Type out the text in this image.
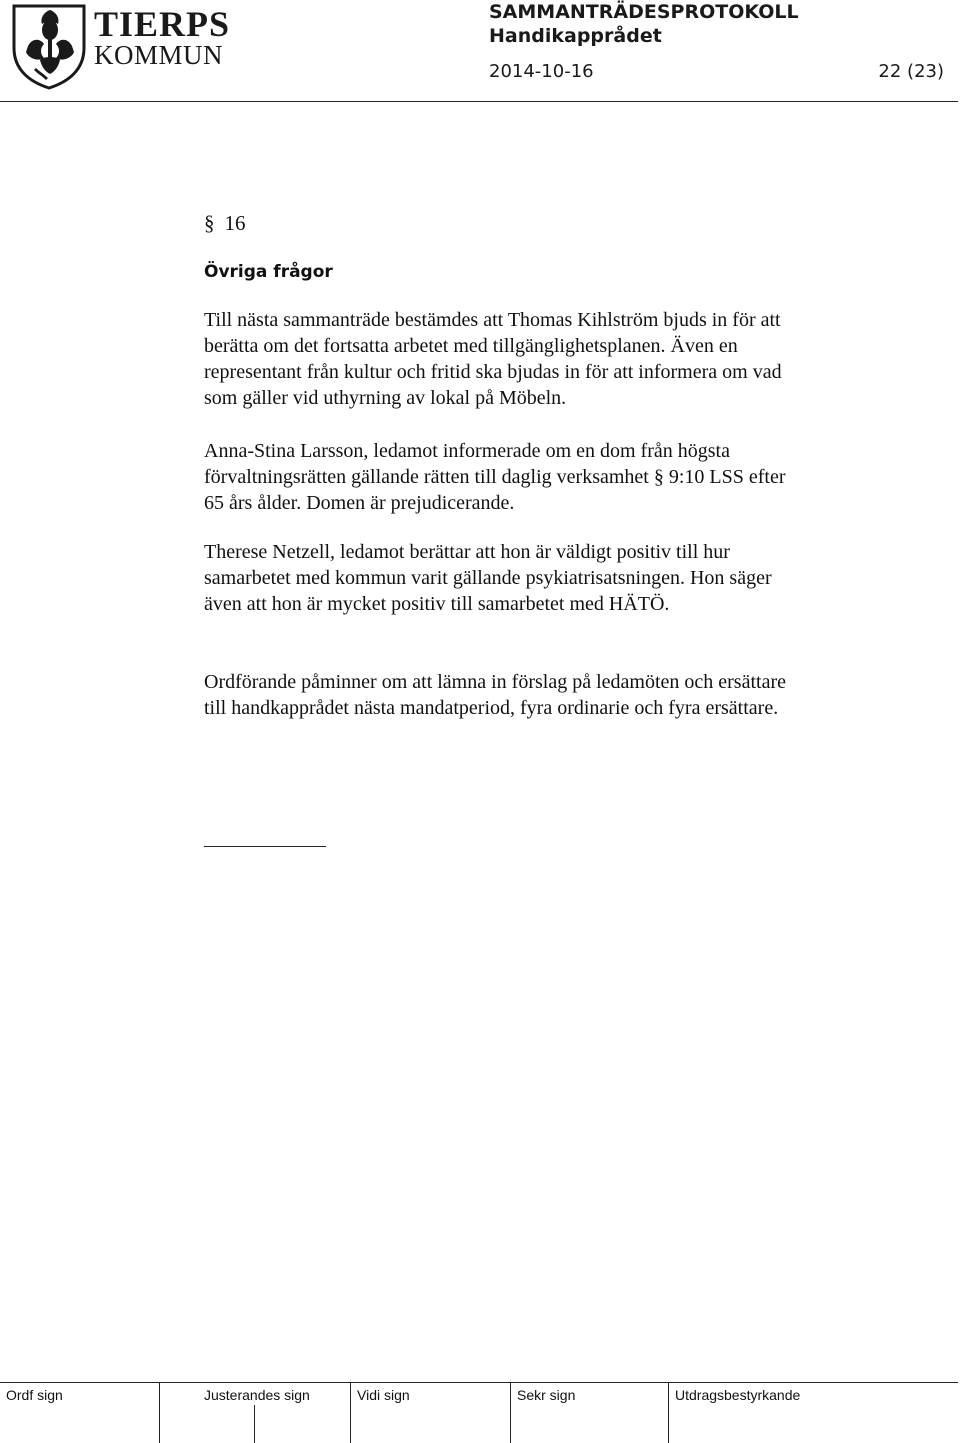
TIERPS
KOMMUN
SAMMANTRÄDESPROTOKOLL
Handikapprådet
2014-10-16	22 (23)
§ 16
Övriga frågor

Till nästa sammanträde bestämdes att Thomas Kihlström bjuds in för att
berätta om det fortsatta arbetet med tillgänglighetsplanen. Även en
representant från kultur och fritid ska bjudas in för att informera om vad
som gäller vid uthyrning av lokal på Möbeln.

Anna-Stina Larsson, ledamot informerade om en dom från högsta
förvaltningsrätten gällande rätten till daglig verksamhet § 9:10 LSS efter
65 års ålder. Domen är prejudicerande.

Therese Netzell, ledamot berättar att hon är väldigt positiv till hur
samarbetet med kommun varit gällande psykiatrisatsningen. Hon säger
även att hon är mycket positiv till samarbetet med HÄTÖ.

Ordförande påminner om att lämna in förslag på ledamöten och ersättare
till handkapprådet nästa mandatperiod, fyra ordinarie och fyra ersättare.

Ordf sign	Justerandes sign	Vidi sign	Sekr sign	Utdragsbestyrkande
